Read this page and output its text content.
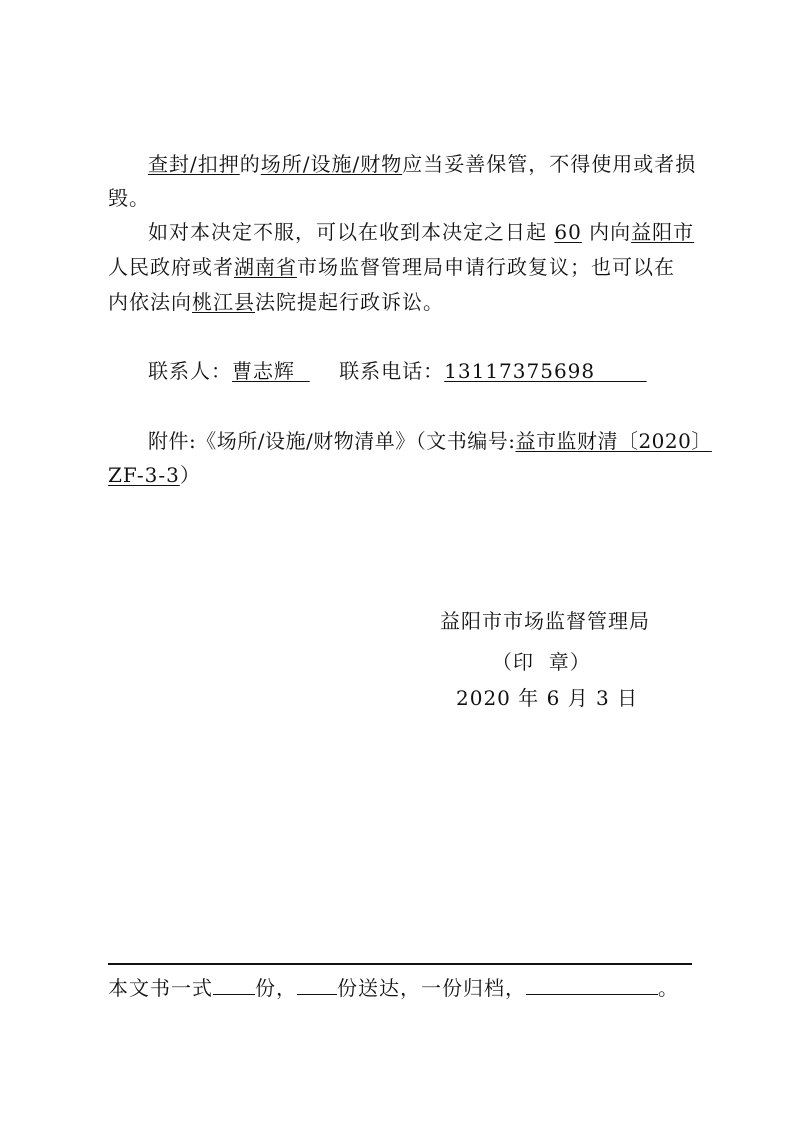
查封/扣押的场所/设施/财物应当妥善保管，不得使用或者损
毁。
如对本决定不服，可以在收到本决定之日起 60 内向益阳市
人民政府或者湖南省市场监督管理局申请行政复议；也可以在
内依法向桃江县法院提起行政诉讼。
联系人：曹志辉 联系电话：13117375698
附件:《场所/设施/财物清单》（文书编号:益市监财清〔2020〕
ZF-3-3）
益阳市市场监督管理局
（印  章）
2020 年 6 月 3 日
本文书一式 份， 份送达，一份归档，	。
